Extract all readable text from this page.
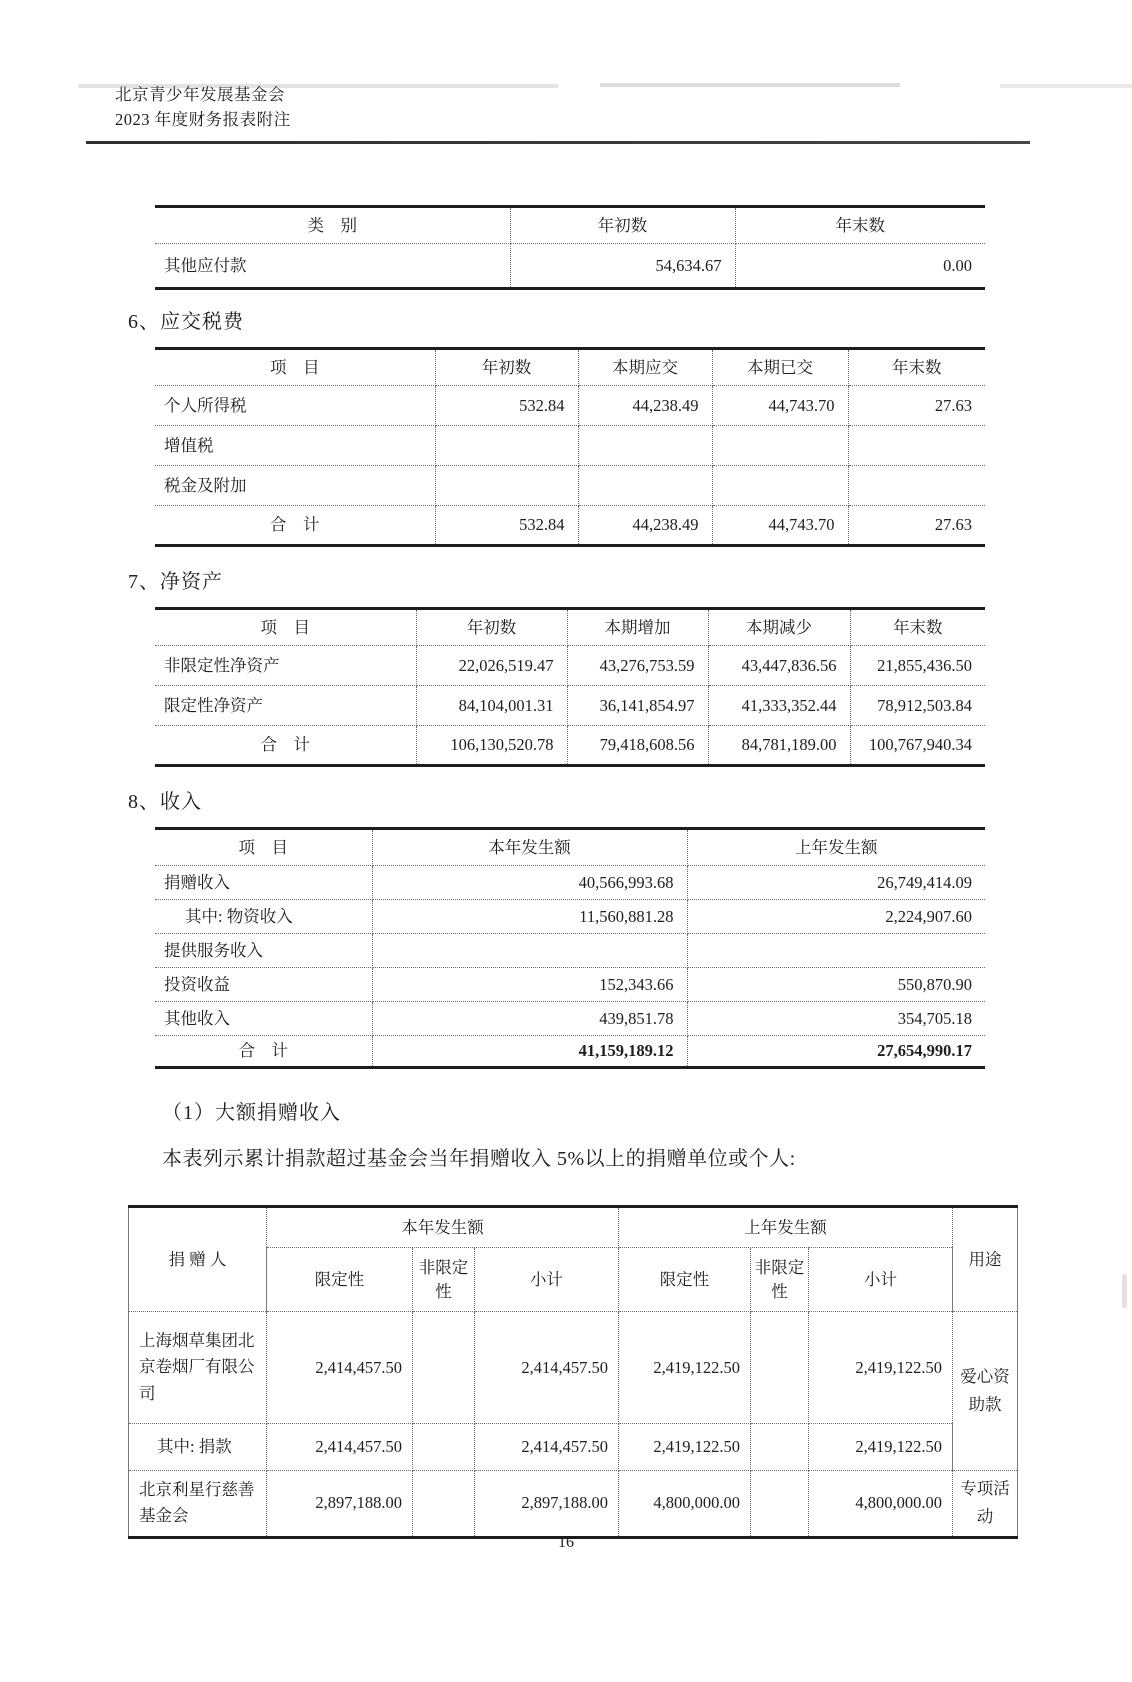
北京青少年发展基金会
2023 年度财务报表附注
类　别	年初数	年末数
其他应付款	54,634.67	0.00
6、应交税费
项　目	年初数	本期应交	本期已交	年末数
个人所得税	532.84	44,238.49	44,743.70	27.63
增值税				
税金及附加				
合　计	532.84	44,238.49	44,743.70	27.63
7、净资产
项　目	年初数	本期增加	本期减少	年末数
非限定性净资产	22,026,519.47	43,276,753.59	43,447,836.56	21,855,436.50
限定性净资产	84,104,001.31	36,141,854.97	41,333,352.44	78,912,503.84
合　计	106,130,520.78	79,418,608.56	84,781,189.00	100,767,940.34
8、收入
项　目	本年发生额	上年发生额
捐赠收入	40,566,993.68	26,749,414.09
其中: 物资收入	11,560,881.28	2,224,907.60
提供服务收入		
投资收益	152,343.66	550,870.90
其他收入	439,851.78	354,705.18
合　计	41,159,189.12	27,654,990.17
（1）大额捐赠收入
本表列示累计捐款超过基金会当年捐赠收入 5%以上的捐赠单位或个人:
捐 赠 人	本年发生额			上年发生额			用途
	限定性	非限定性	小计	限定性	非限定性	小计	
上海烟草集团北京卷烟厂有限公司	2,414,457.50		2,414,457.50	2,419,122.50		2,419,122.50	爱心资助款
其中: 捐款	2,414,457.50		2,414,457.50	2,419,122.50		2,419,122.50	
北京利星行慈善基金会	2,897,188.00		2,897,188.00	4,800,000.00		4,800,000.00	专项活动
16
